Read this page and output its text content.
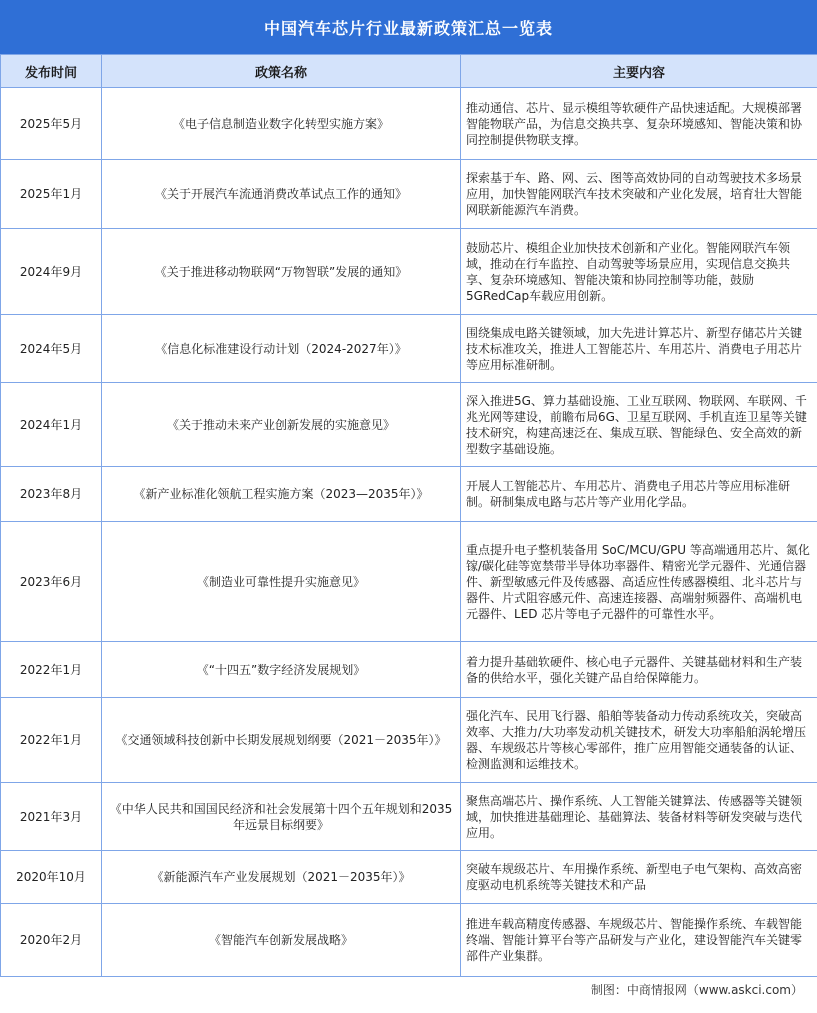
中国汽车芯片行业最新政策汇总一览表
发布时间	政策名称	主要内容
2025年5月	《电子信息制造业数字化转型实施方案》	推动通信、芯片、显示模组等软硬件产品快速适配。大规模部署智能物联产品，为信息交换共享、复杂环境感知、智能决策和协同控制提供物联支撑。
2025年1月	《关于开展汽车流通消费改革试点工作的通知》	探索基于车、路、网、云、图等高效协同的自动驾驶技术多场景应用，加快智能网联汽车技术突破和产业化发展，培育壮大智能网联新能源汽车消费。
2024年9月	《关于推进移动物联网“万物智联”发展的通知》	鼓励芯片、模组企业加快技术创新和产业化。智能网联汽车领域，推动在行车监控、自动驾驶等场景应用，实现信息交换共享、复杂环境感知、智能决策和协同控制等功能，鼓励5GRedCap车载应用创新。
2024年5月	《信息化标准建设行动计划（2024-2027年）》	围绕集成电路关键领域，加大先进计算芯片、新型存储芯片关键技术标准攻关，推进人工智能芯片、车用芯片、消费电子用芯片等应用标准研制。
2024年1月	《关于推动未来产业创新发展的实施意见》	深入推进5G、算力基础设施、工业互联网、物联网、车联网、千兆光网等建设，前瞻布局6G、卫星互联网、手机直连卫星等关键技术研究，构建高速泛在、集成互联、智能绿色、安全高效的新型数字基础设施。
2023年8月	《新产业标准化领航工程实施方案（2023—2035年）》	开展人工智能芯片、车用芯片、消费电子用芯片等应用标准研制。研制集成电路与芯片等产业用化学品。
2023年6月	《制造业可靠性提升实施意见》	重点提升电子整机装备用 SoC/MCU/GPU 等高端通用芯片、氮化镓/碳化硅等宽禁带半导体功率器件、精密光学元器件、光通信器件、新型敏感元件及传感器、高适应性传感器模组、北斗芯片与器件、片式阻容感元件、高速连接器、高端射频器件、高端机电元器件、LED 芯片等电子元器件的可靠性水平。
2022年1月	《“十四五”数字经济发展规划》	着力提升基础软硬件、核心电子元器件、关键基础材料和生产装备的供给水平，强化关键产品自给保障能力。
2022年1月	《交通领域科技创新中长期发展规划纲要（2021－2035年）》	强化汽车、民用飞行器、船舶等装备动力传动系统攻关，突破高效率、大推力/大功率发动机关键技术，研发大功率船舶涡轮增压器、车规级芯片等核心零部件，推广应用智能交通装备的认证、检测监测和运维技术。
2021年3月	《中华人民共和国国民经济和社会发展第十四个五年规划和2035年远景目标纲要》	聚焦高端芯片、操作系统、人工智能关键算法、传感器等关键领域，加快推进基础理论、基础算法、装备材料等研发突破与迭代应用。
2020年10月	《新能源汽车产业发展规划（2021－2035年）》	突破车规级芯片、车用操作系统、新型电子电气架构、高效高密度驱动电机系统等关键技术和产品
2020年2月	《智能汽车创新发展战略》	推进车载高精度传感器、车规级芯片、智能操作系统、车载智能终端、智能计算平台等产品研发与产业化，建设智能汽车关键零部件产业集群。
制图：中商情报网（www.askci.com）
